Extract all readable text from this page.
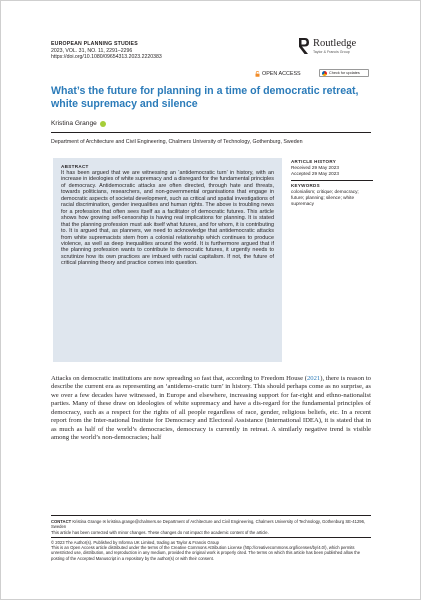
EUROPEAN PLANNING STUDIES
2023, VOL. 31, NO. 11, 2291–2296
https://doi.org/10.1080/09654313.2023.2220383
Routledge
Taylor & Francis Group
OPEN ACCESS	Check for updates
What’s the future for planning in a time of democratic retreat, white supremacy and silence
Kristina Grange
Department of Architecture and Civil Engineering, Chalmers University of Technology, Gothenburg, Sweden
ABSTRACT

It has been argued that we are witnessing an ‘antidemocratic turn’ in history, with an increase in ideologies of white supremacy and a disregard for the fundamental principles of democracy. Antidemocratic attacks are often directed, through hate and threats, towards politicians, researchers, and non-governmental organisations that engage in democratic aspects of societal development, such as critical and spatial investigations of racial discrimination, gender inequalities and human rights. The above is troubling news for a profession that often sees itself as a facilitator of democratic futures. This article shows how growing self-censorship is having real implications for planning. It is stated that the planning profession must ask itself what futures, and for whom, it is contributing to. It is argued that, as planners, we need to acknowledge that antidemocratic attacks from white supremacists stem from a colonial relationship which continues to produce violence, as well as deep inequalities around the world. It is furthermore argued that if the planning profession wants to contribute to democratic futures, it urgently needs to scrutinize how its own practices are imbued with racial capitalism. If not, the future of critical planning theory and practice comes into question.

ARTICLE HISTORY
Received 29 May 2023
Accepted 29 May 2023
KEYWORDS
colonialism; critique; democracy; future; planning; silence; white supremacy

Attacks on democratic institutions are now spreading so fast that, according to Freedom House (2021), there is reason to describe the current era as representing an ‘antidemo-cratic turn’ in history. This should perhaps come as no surprise, as we over a few decades have witnessed, in Europe and elsewhere, increasing support for far-right and ethno-nationalist parties. Many of these draw on ideologies of white supremacy and have a dis-regard for the fundamental principles of democracy, such as a respect for the rights of all people regardless of race, gender, religious beliefs, etc. In a recent report from the Inter-national Institute for Democracy and Electoral Assistance (International IDEA), it is stated that in as much as half of the world’s democracies, democracy is currently in retreat. A similarly negative trend is visible among the world’s non-democracies; half

CONTACT Kristina Grange ✉ kristina.grange@chalmers.se Department of Architecture and Civil Engineering, Chalmers University of Technology, Gothenburg SE-41296, Sweden
This article has been corrected with minor changes. These changes do not impact the academic content of the article.
© 2023 The Author(s). Published by Informa UK Limited, trading as Taylor & Francis Group
This is an Open Access article distributed under the terms of the Creative Commons Attribution License (http://creativecommons.org/licenses/by/4.0/), which permits unrestricted use, distribution, and reproduction in any medium, provided the original work is properly cited. The terms on which this article has been published allow the posting of the Accepted Manuscript in a repository by the author(s) or with their consent.
